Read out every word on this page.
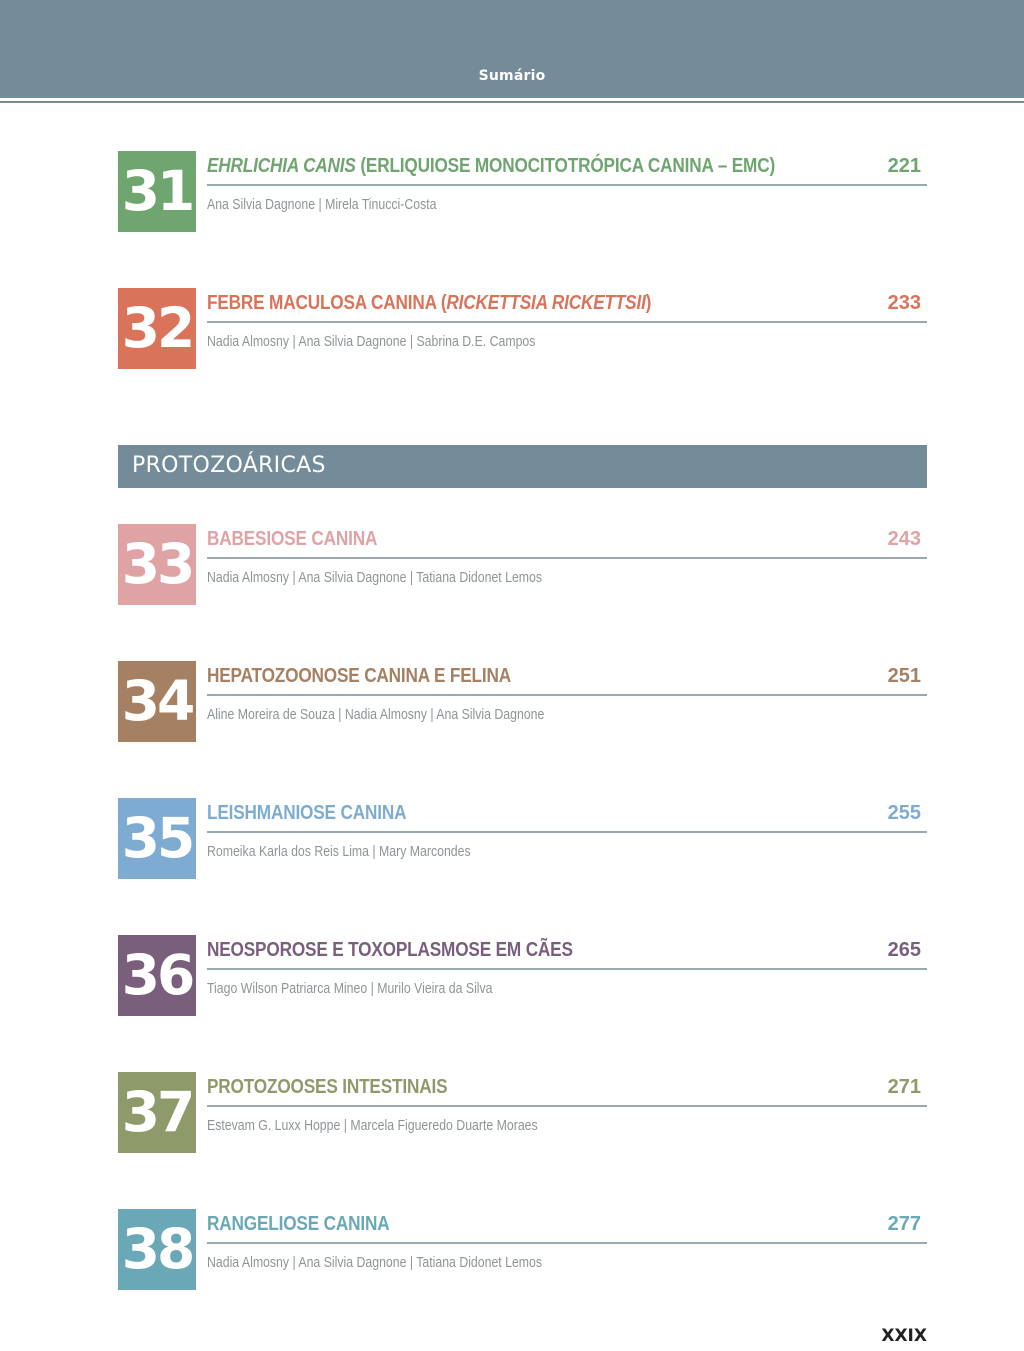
Sumário
31 EHRLICHIA CANIS (ERLIQUIOSE MONOCITOTRÓPICA CANINA – EMC)	221
Ana Silvia Dagnone | Mirela Tinucci-Costa
32 FEBRE MACULOSA CANINA (RICKETTSIA RICKETTSII)	233
Nadia Almosny | Ana Silvia Dagnone | Sabrina D.E. Campos
PROTOZOÁRICAS
33 BABESIOSE CANINA	243
Nadia Almosny | Ana Silvia Dagnone | Tatiana Didonet Lemos
34 HEPATOZOONOSE CANINA E FELINA	251
Aline Moreira de Souza | Nadia Almosny | Ana Silvia Dagnone
35 LEISHMANIOSE CANINA	255
Romeika Karla dos Reis Lima | Mary Marcondes
36 NEOSPOROSE E TOXOPLASMOSE EM CÃES	265
Tiago Wilson Patriarca Mineo | Murilo Vieira da Silva
37 PROTOZOOSES INTESTINAIS	271
Estevam G. Luxx Hoppe | Marcela Figueredo Duarte Moraes
38 RANGELIOSE CANINA	277
Nadia Almosny | Ana Silvia Dagnone | Tatiana Didonet Lemos
XXIX
